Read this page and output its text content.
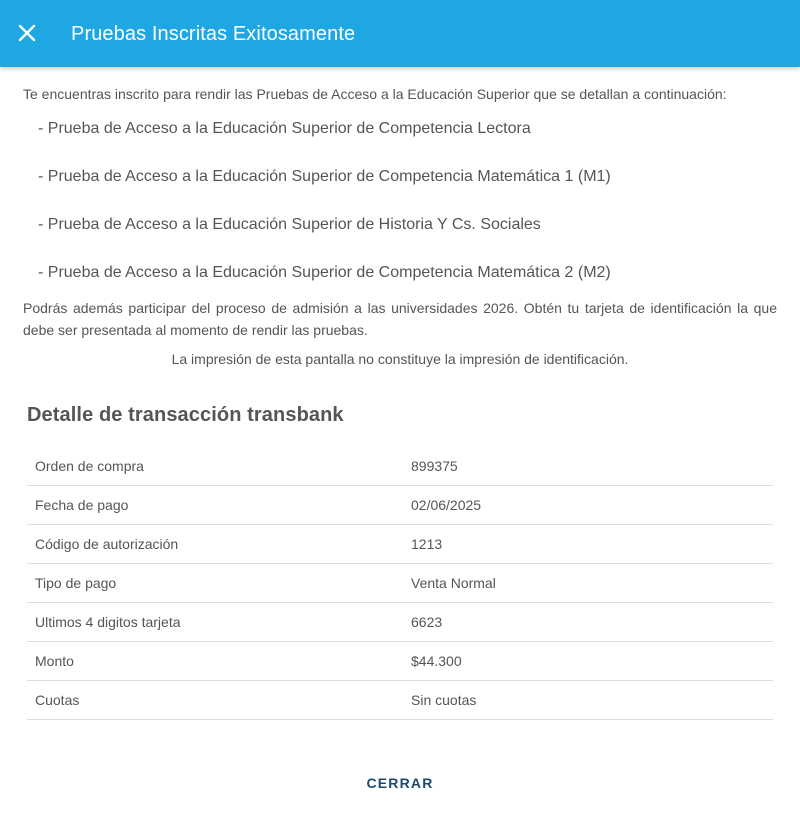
Pruebas Inscritas Exitosamente

Te encuentras inscrito para rendir las Pruebas de Acceso a la Educación Superior que se detallan a continuación:

- Prueba de Acceso a la Educación Superior de Competencia Lectora
- Prueba de Acceso a la Educación Superior de Competencia Matemática 1 (M1)
- Prueba de Acceso a la Educación Superior de Historia Y Cs. Sociales
- Prueba de Acceso a la Educación Superior de Competencia Matemática 2 (M2)

Podrás además participar del proceso de admisión a las universidades 2026. Obtén tu tarjeta de identificación la que debe ser presentada al momento de rendir las pruebas.

La impresión de esta pantalla no constituye la impresión de identificación.

Detalle de transacción transbank
Orden de compra	899375
Fecha de pago	02/06/2025
Código de autorización	1213
Tipo de pago	Venta Normal
Ultimos 4 digitos tarjeta	6623
Monto	$44.300
Cuotas	Sin cuotas
CERRAR
